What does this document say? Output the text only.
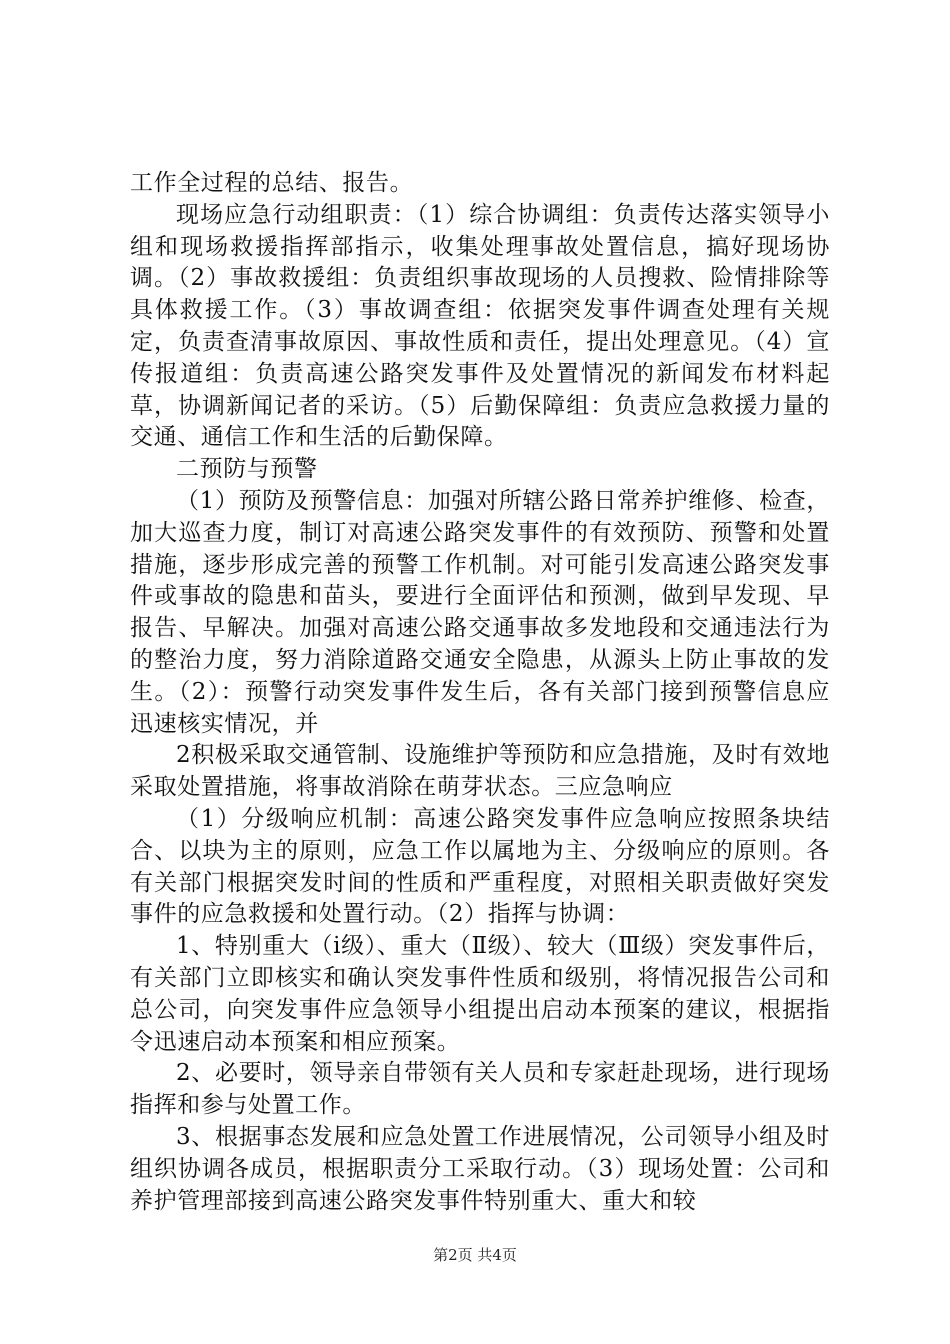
工作全过程的总结、报告。

现场应急行动组职责：（1）综合协调组：负责传达落实领导小组和现场救援指挥部指示，收集处理事故处置信息，搞好现场协调。（2）事故救援组：负责组织事故现场的人员搜救、险情排除等具体救援工作。（3）事故调查组：依据突发事件调查处理有关规定，负责查清事故原因、事故性质和责任，提出处理意见。（4）宣传报道组：负责高速公路突发事件及处置情况的新闻发布材料起草，协调新闻记者的采访。（5）后勤保障组：负责应急救援力量的交通、通信工作和生活的后勤保障。

二预防与预警

（1）预防及预警信息：加强对所辖公路日常养护维修、检查，加大巡查力度，制订对高速公路突发事件的有效预防、预警和处置措施，逐步形成完善的预警工作机制。对可能引发高速公路突发事件或事故的隐患和苗头，要进行全面评估和预测，做到早发现、早报告、早解决。加强对高速公路交通事故多发地段和交通违法行为的整治力度，努力消除道路交通安全隐患，从源头上防止事故的发生。（2）：预警行动突发事件发生后，各有关部门接到预警信息应迅速核实情况，并

2积极采取交通管制、设施维护等预防和应急措施，及时有效地采取处置措施，将事故消除在萌芽状态。三应急响应

（1）分级响应机制：高速公路突发事件应急响应按照条块结合、以块为主的原则，应急工作以属地为主、分级响应的原则。各有关部门根据突发时间的性质和严重程度，对照相关职责做好突发事件的应急救援和处置行动。（2）指挥与协调：

1、特别重大（i级）、重大（Ⅱ级）、较大（Ⅲ级）突发事件后，有关部门立即核实和确认突发事件性质和级别，将情况报告公司和总公司，向突发事件应急领导小组提出启动本预案的建议，根据指令迅速启动本预案和相应预案。

2、必要时，领导亲自带领有关人员和专家赶赴现场，进行现场指挥和参与处置工作。

3、根据事态发展和应急处置工作进展情况，公司领导小组及时组织协调各成员，根据职责分工采取行动。（3）现场处置：公司和养护管理部接到高速公路突发事件特别重大、重大和较

第2页 共4页
